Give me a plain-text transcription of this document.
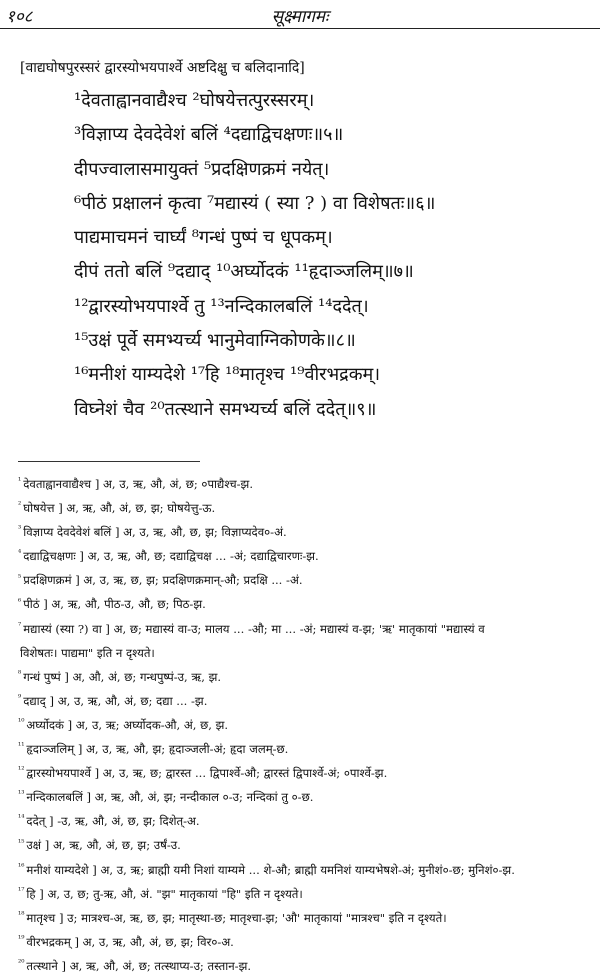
१०८	सूक्ष्मागमः
[वाद्यघोषपुरस्सरं द्वारस्योभयपार्श्वे अष्टदिक्षु च बलिदानादि]
¹देवताह्वानवाद्यैश्च ²घोषयेत्तत्पुरस्सरम्।
³विज्ञाप्य देवदेवेशं बलिं ⁴दद्याद्विचक्षणः॥५॥
दीपज्वालासमायुक्तं ⁵प्रदक्षिणक्रमं नयेत्।
⁶पीठं प्रक्षालनं कृत्वा ⁷मद्यास्यं ( स्या ? ) वा विशेषतः॥६॥
पाद्यमाचमनं चार्घ्यं ⁸गन्धं पुष्पं च धूपकम्।
दीपं ततो बलिं ⁹दद्याद् ¹⁰अर्घ्योदकं ¹¹हृदाञ्जलिम्॥७॥
¹²द्वारस्योभयपार्श्वे तु ¹³नन्दिकालबलिं ¹⁴ददेत्।
¹⁵उक्षं पूर्वे समभ्यर्च्य भानुमेवाग्निकोणके॥८॥
¹⁶मनीशं याम्यदेशे ¹⁷हि ¹⁸मातृश्च ¹⁹वीरभद्रकम्।
विघ्नेशं चैव ²⁰तत्स्थाने समभ्यर्च्य बलिं ददेत्॥९॥
$^{^1}$ देवताह्वानवाद्यैश्च ] अ, उ, ऋ, औ, अं, छ; ०पाद्यैश्च-झ.
$^{^2}$ घोषयेत्त ] अ, ऋ, औ, अं, छ, झ; घोषयेत्तु-ऊ.
$^{^3}$ विज्ञाप्य देवदेवेशं बलिं ] अ, उ, ऋ, औ, छ, झ; विज्ञाप्यदेव०-अं.
$^{^4}$ दद्याद्विचक्षणः ] अ, उ, ऋ, औ, छ; दद्याद्विचक्ष ... -अं; दद्याद्विचारणः-झ.
$^{^5}$ प्रदक्षिणक्रमं ] अ, उ, ऋ, छ, झ; प्रदक्षिणक्रमान्-औ; प्रदक्षि ... -अं.
$^{^6}$ पीठं ] अ, ऋ, औ, पीठ-उ, औ, छ; पिठ-झ.
$^{^7}$ मद्यास्यं (स्या ?) वा ] अ, छ; मद्यास्यं वा-उ; मालय ... -औ; मा ... -अं; मद्यास्यं व-झ; 'ऋ' मातृकायां "मद्यास्यं व
विशेषतः। पाद्यमा" इति न दृश्यते।
$^{^8}$ गन्धं पुष्पं ] अ, औ, अं, छ; गन्धपुष्पं-उ, ऋ, झ.
$^{^9}$ दद्याद् ] अ, उ, ऋ, औ, अं, छ; दद्या ... -झ.
$^{^{10}}$ अर्घ्योदकं ] अ, उ, ऋ; अर्घ्योदक-औ, अं, छ, झ.
$^{^{11}}$ हृदाञ्जलिम् ] अ, उ, ऋ, औ, झ; हृदाञ्जली-अं; हृदा जलम्-छ.
$^{^{12}}$ द्वारस्योभयपार्श्वे ] अ, उ, ऋ, छ; द्वारस्त ... द्विपार्श्वे-औ; द्वारस्तं द्विपार्श्वे-अं; ०पार्श्वे-झ.
$^{^{13}}$ नन्दिकालबलिं ] अ, ऋ, औ, अं, झ; नन्दीकाल ०-उ; नन्दिकां तु ०-छ.
$^{^{14}}$ ददेत् ] -उ, ऋ, औ, अं, छ, झ; दिशेत्-अ.
$^{^{15}}$ उक्षं ] अ, ऋ, औ, अं, छ, झ; उर्षं-उ.
$^{^{16}}$ मनीशं याम्यदेशे ] अ, उ, ऋ; ब्राह्मी यमी निशां याम्यमे ... शे-औ; ब्राह्मी यमनिशं याम्यभेषशे-अं; मुनीशं०-छ; मुनिशं०-झ.
$^{^{17}}$ हि ] अ, उ, छ; तु-ऋ, औ, अं. "झ" मातृकायां "हि" इति न दृश्यते।
$^{^{18}}$ मातृश्च ] उ; मात्रश्च-अ, ऋ, छ, झ; मातृस्था-छ; मातृश्चा-झ; 'औ' मातृकायां "मात्रश्च" इति न दृश्यते।
$^{^{19}}$ वीरभद्रकम् ] अ, उ, ऋ, औ, अं, छ, झ; विर०-अ.
$^{^{20}}$ तत्स्थाने ] अ, ऋ, औ, अं, छ; तत्स्थाप्य-उ; तस्तान-झ.
